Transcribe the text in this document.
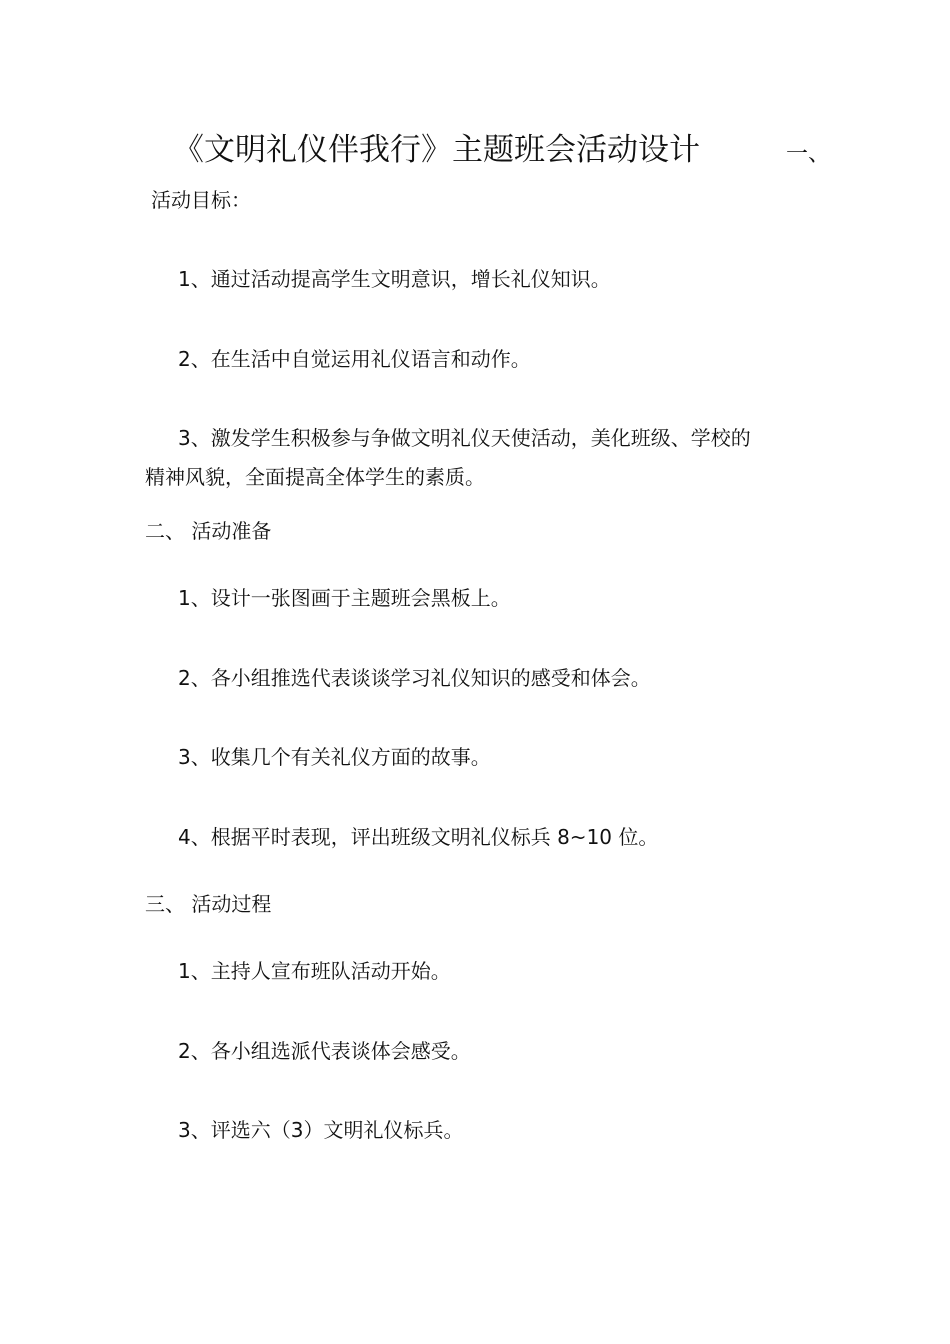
《文明礼仪伴我行》主题班会活动设计	一、
活动目标：
1、通过活动提高学生文明意识，增长礼仪知识。
2、在生活中自觉运用礼仪语言和动作。
3、激发学生积极参与争做文明礼仪天使活动，美化班级、学校的
精神风貌，全面提高全体学生的素质。
二、 活动准备
1、设计一张图画于主题班会黑板上。
2、各小组推选代表谈谈学习礼仪知识的感受和体会。
3、收集几个有关礼仪方面的故事。
4、根据平时表现，评出班级文明礼仪标兵 8~10 位。
三、 活动过程
1、主持人宣布班队活动开始。
2、各小组选派代表谈体会感受。
3、评选六（3）文明礼仪标兵。
